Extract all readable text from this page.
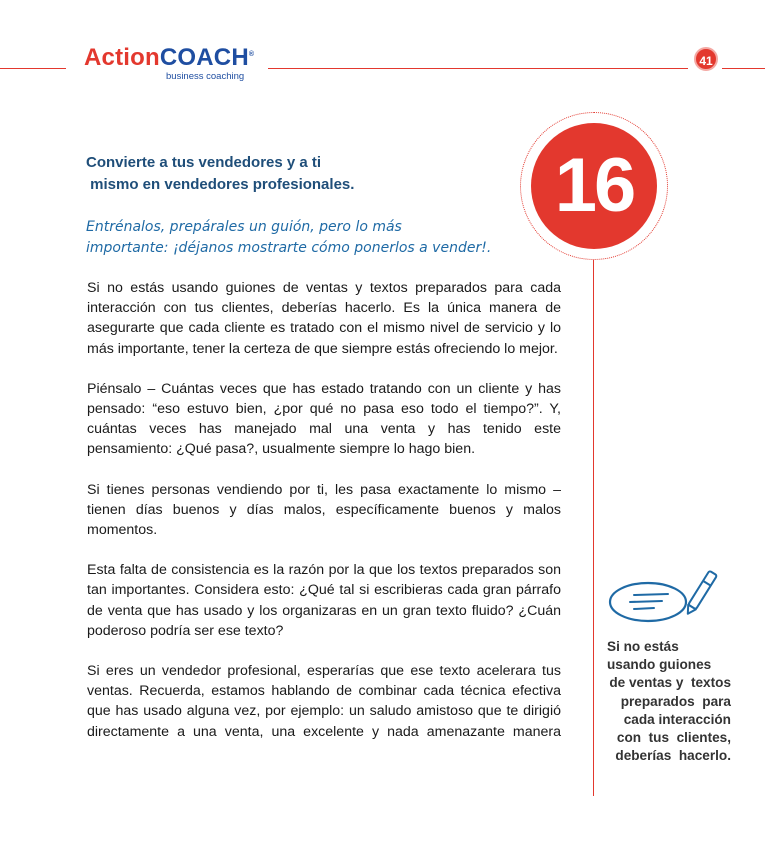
ActionCOACH®
business coaching
41
16
Convierte a tus vendedores y a ti
mismo en vendedores profesionales.
Entrénalos, prepárales un guión, pero lo más
importante: ¡déjanos mostrarte cómo ponerlos a vender!.

Si no estás usando guiones de ventas y textos preparados para cada interacción con tus clientes, deberías hacerlo. Es la única manera de asegurarte que cada cliente es tratado con el mismo nivel de servicio y lo más importante, tener la certeza de que siempre estás ofreciendo lo mejor.

Piénsalo – Cuántas veces que has estado tratando con un cliente y has pensado: “eso estuvo bien, ¿por qué no pasa eso todo el tiempo?”. Y, cuántas veces has manejado mal una venta y has tenido este pensamiento: ¿Qué pasa?, usualmente siempre lo hago bien.

Si tienes personas vendiendo por ti, les pasa exactamente lo mismo –tienen días buenos y días malos, específicamente buenos y malos momentos.

Esta falta de consistencia es la razón por la que los textos preparados son tan importantes. Considera esto: ¿Qué tal si escribieras cada gran párrafo de venta que has usado y los organizaras en un gran texto fluido? ¿Cuán poderoso podría ser ese texto?

Si eres un vendedor profesional, esperarías que ese texto acelerara tus ventas. Recuerda, estamos hablando de combinar cada técnica efectiva que has usado alguna vez, por ejemplo: un saludo amistoso que te dirigió directamente a una venta, una excelente y nada amenazante manera

Si no estás
usando guiones
de ventas y  textos
preparados  para
cada interacción
con  tus  clientes,
deberías  hacerlo.
